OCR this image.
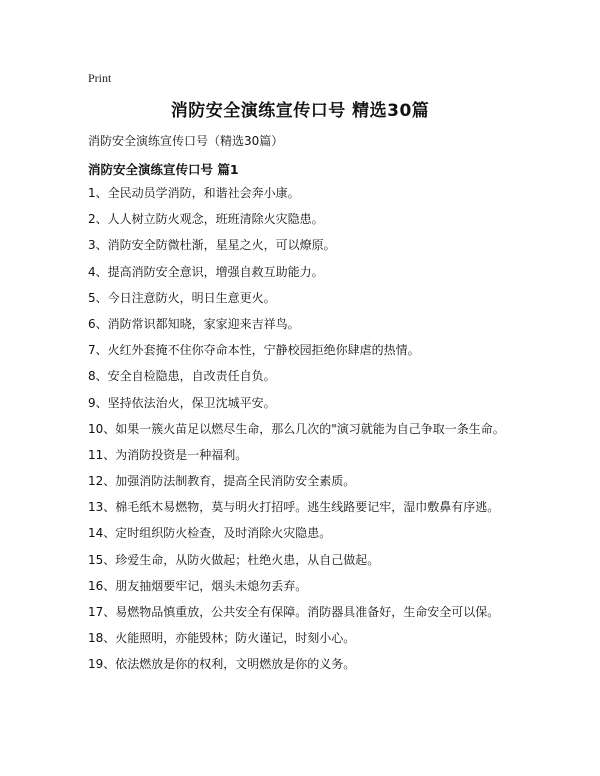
Print
消防安全演练宣传口号 精选30篇
消防安全演练宣传口号（精选30篇）
消防安全演练宣传口号 篇1
1、全民动员学消防，和谐社会奔小康。
2、人人树立防火观念，班班清除火灾隐患。
3、消防安全防微杜渐，星星之火，可以燎原。
4、提高消防安全意识，增强自救互助能力。
5、今日注意防火，明日生意更火。
6、消防常识都知晓，家家迎来吉祥鸟。
7、火红外套掩不住你夺命本性，宁静校园拒绝你肆虐的热情。
8、安全自检隐患，自改责任自负。
9、坚持依法治火，保卫沈城平安。
10、如果一簇火苗足以燃尽生命，那么几次的"演习就能为自己争取一条生命。
11、为消防投资是一种福利。
12、加强消防法制教育，提高全民消防安全素质。
13、棉毛纸木易燃物，莫与明火打招呼。逃生线路要记牢，湿巾敷鼻有序逃。
14、定时组织防火检查，及时消除火灾隐患。
15、珍爱生命，从防火做起；杜绝火患，从自己做起。
16、朋友抽烟要牢记，烟头未熄勿丢弃。
17、易燃物品慎重放，公共安全有保障。消防器具准备好，生命安全可以保。
18、火能照明，亦能毁林；防火谨记，时刻小心。
19、依法燃放是你的权利，文明燃放是你的义务。
